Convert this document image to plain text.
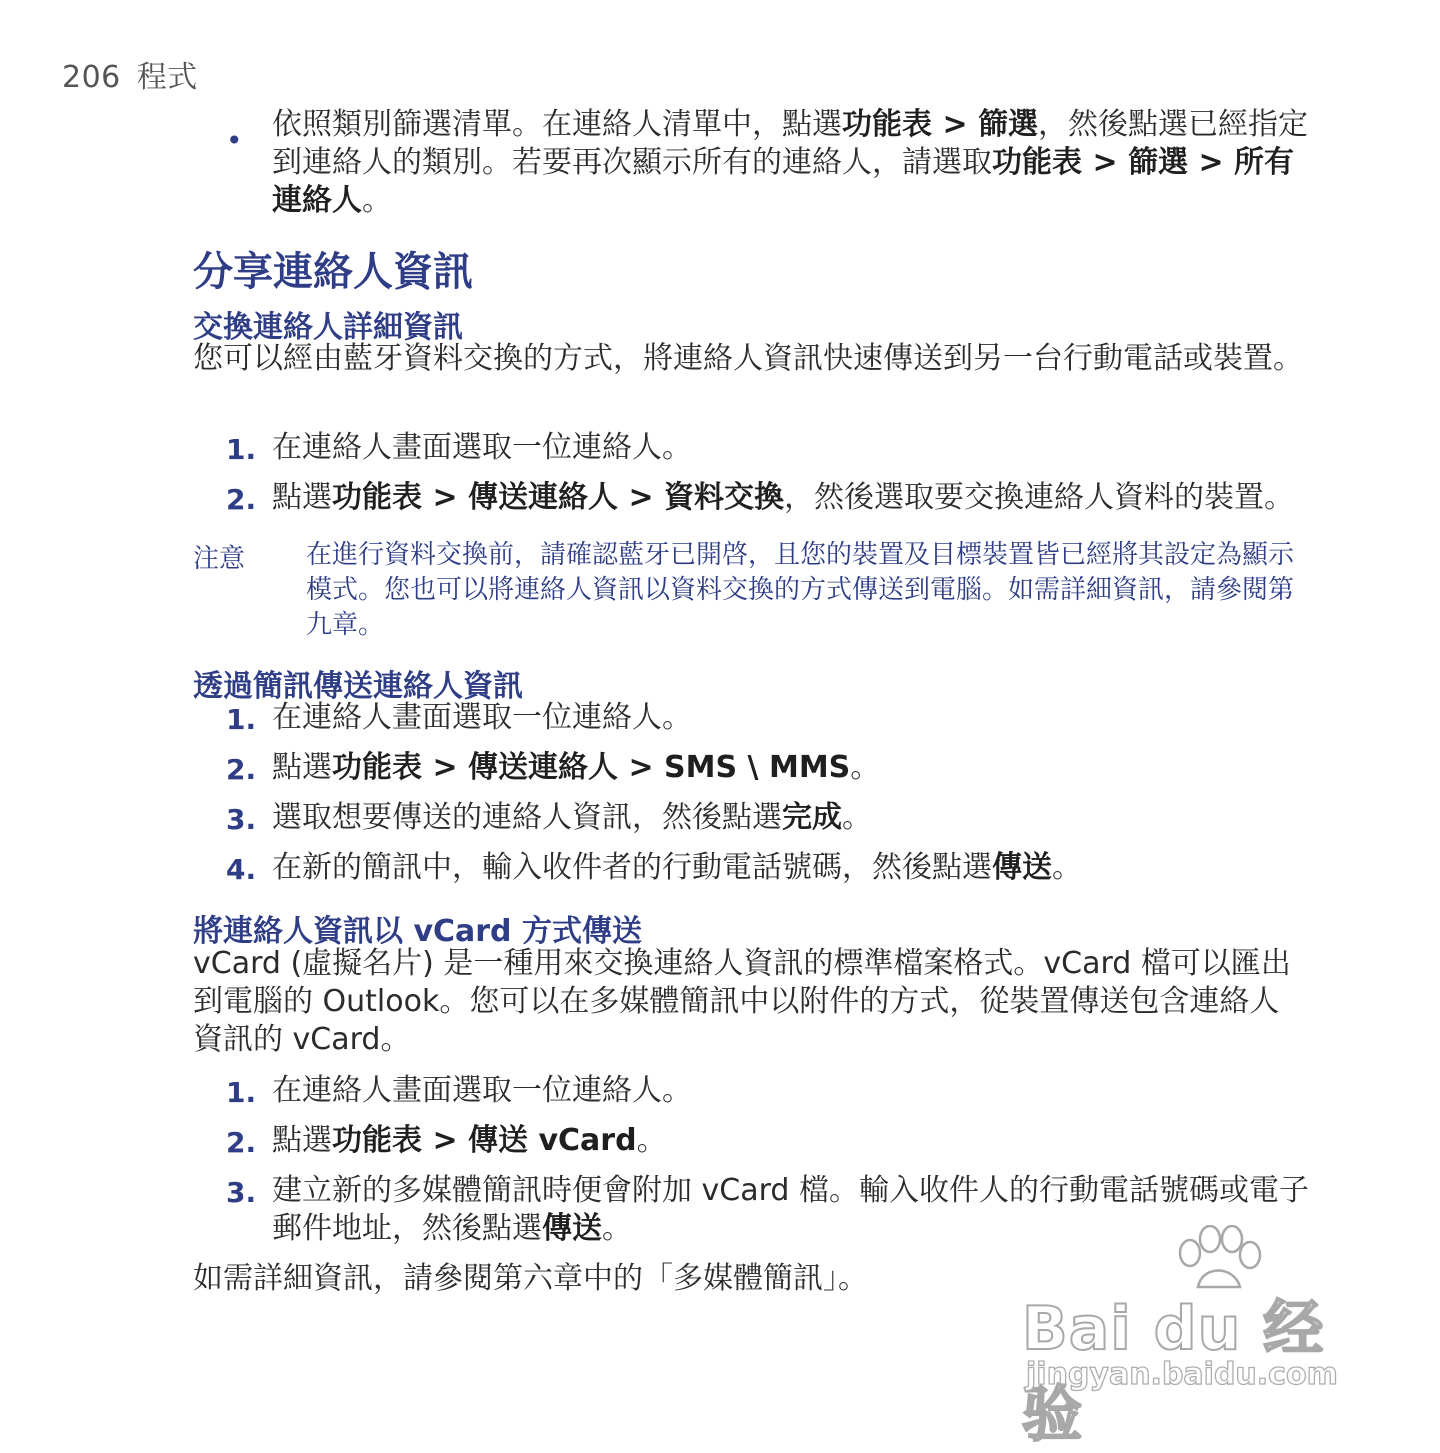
206 程式
• 依照類別篩選清單。在連絡人清單中，點選功能表 > 篩選，然後點選已經指定到連絡人的類別。若要再次顯示所有的連絡人，請選取功能表 > 篩選 > 所有連絡人。
分享連絡人資訊
交換連絡人詳細資訊
您可以經由藍牙資料交換的方式，將連絡人資訊快速傳送到另一台行動電話或裝置。
1. 在連絡人畫面選取一位連絡人。
2. 點選功能表 > 傳送連絡人 > 資料交換，然後選取要交換連絡人資料的裝置。
注意 在進行資料交換前，請確認藍牙已開啓，且您的裝置及目標裝置皆已經將其設定為顯示模式。您也可以將連絡人資訊以資料交換的方式傳送到電腦。如需詳細資訊，請參閱第九章。
透過簡訊傳送連絡人資訊
1. 在連絡人畫面選取一位連絡人。
2. 點選功能表 > 傳送連絡人 > SMS \ MMS。
3. 選取想要傳送的連絡人資訊，然後點選完成。
4. 在新的簡訊中，輸入收件者的行動電話號碼，然後點選傳送。
將連絡人資訊以 vCard 方式傳送
vCard (虛擬名片) 是一種用來交換連絡人資訊的標準檔案格式。vCard 檔可以匯出到電腦的 Outlook。您可以在多媒體簡訊中以附件的方式，從裝置傳送包含連絡人資訊的 vCard。
1. 在連絡人畫面選取一位連絡人。
2. 點選功能表 > 傳送 vCard。
3. 建立新的多媒體簡訊時便會附加 vCard 檔。輸入收件人的行動電話號碼或電子郵件地址，然後點選傳送。
如需詳細資訊，請參閱第六章中的「多媒體簡訊」。
Bai du 经验
jingyan.baidu.com
